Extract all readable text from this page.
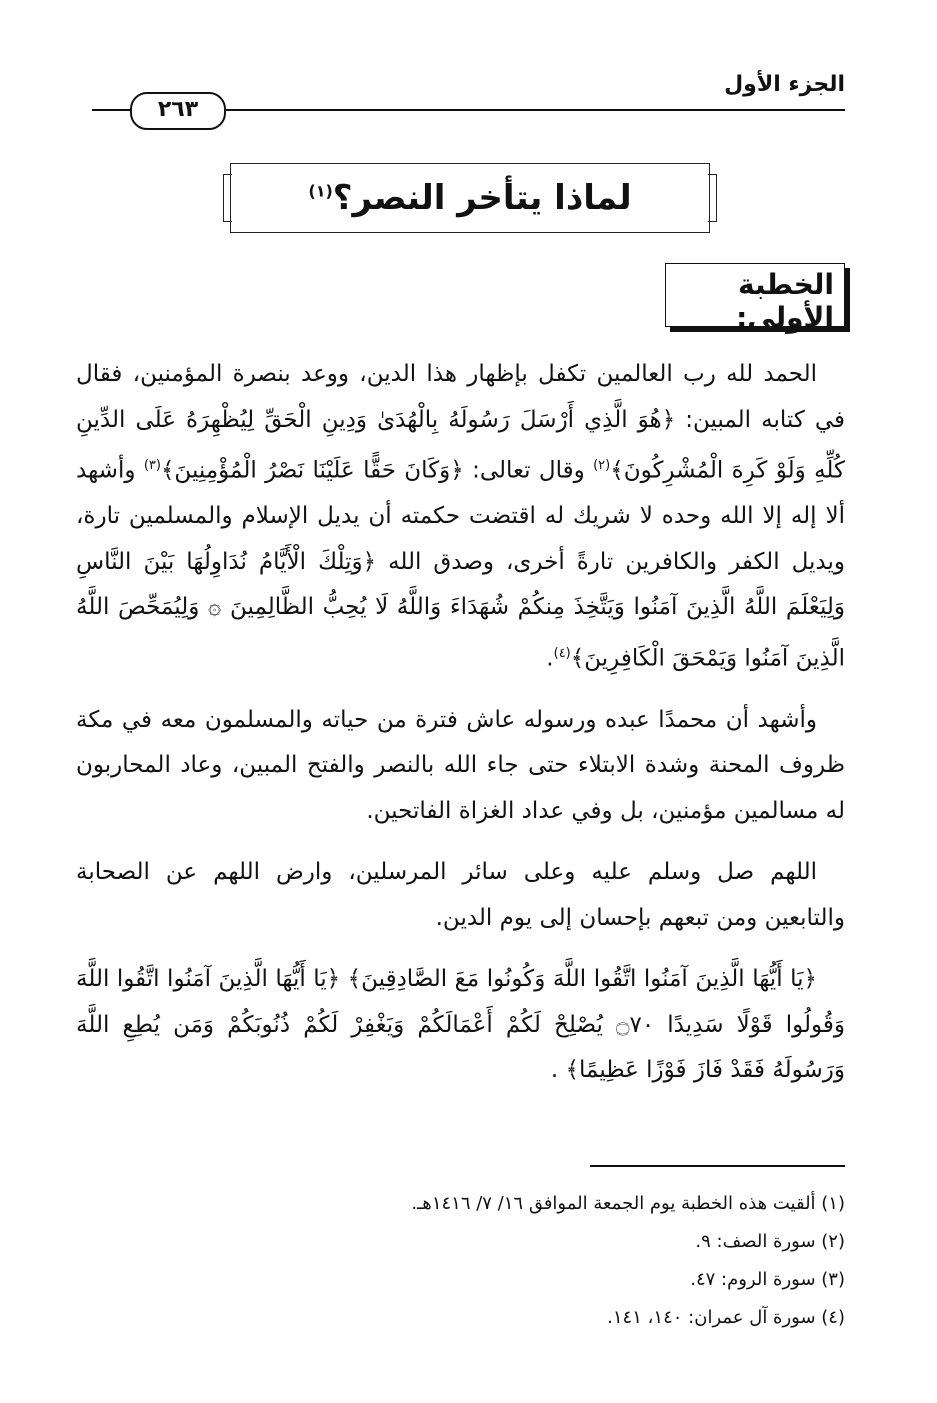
الجزء الأول
٢٦٣
لماذا يتأخر النصر؟$^{(١)}$
الخطبة الأولى:

الحمد لله رب العالمين تكفل بإظهار هذا الدين، ووعد بنصرة المؤمنين، فقال في كتابه المبين: ﴿هُوَ الَّذِي أَرْسَلَ رَسُولَهُ بِالْهُدَىٰ وَدِينِ الْحَقِّ لِيُظْهِرَهُ عَلَى الدِّينِ كُلِّهِ وَلَوْ كَرِهَ الْمُشْرِكُونَ﴾$^{(٢)}$ وقال تعالى: ﴿وَكَانَ حَقًّا عَلَيْنَا نَصْرُ الْمُؤْمِنِينَ﴾$^{(٣)}$ وأشهد ألا إله إلا الله وحده لا شريك له اقتضت حكمته أن يديل الإسلام والمسلمين تارة، ويديل الكفر والكافرين تارةً أخرى، وصدق الله ﴿وَتِلْكَ الْأَيَّامُ نُدَاوِلُهَا بَيْنَ النَّاسِ وَلِيَعْلَمَ اللَّهُ الَّذِينَ آمَنُوا وَيَتَّخِذَ مِنكُمْ شُهَدَاءَ وَاللَّهُ لَا يُحِبُّ الظَّالِمِينَ ۞ وَلِيُمَحِّصَ اللَّهُ الَّذِينَ آمَنُوا وَيَمْحَقَ الْكَافِرِينَ﴾$^{(٤)}$.

وأشهد أن محمدًا عبده ورسوله عاش فترة من حياته والمسلمون معه في مكة ظروف المحنة وشدة الابتلاء حتى جاء الله بالنصر والفتح المبين، وعاد المحاربون له مسالمين مؤمنين، بل وفي عداد الغزاة الفاتحين.

اللهم صل وسلم عليه وعلى سائر المرسلين، وارض اللهم عن الصحابة والتابعين ومن تبعهم بإحسان إلى يوم الدين.

﴿يَا أَيُّهَا الَّذِينَ آمَنُوا اتَّقُوا اللَّهَ وَكُونُوا مَعَ الصَّادِقِينَ﴾ ﴿يَا أَيُّهَا الَّذِينَ آمَنُوا اتَّقُوا اللَّهَ وَقُولُوا قَوْلًا سَدِيدًا ۝٧٠ يُصْلِحْ لَكُمْ أَعْمَالَكُمْ وَيَغْفِرْ لَكُمْ ذُنُوبَكُمْ وَمَن يُطِعِ اللَّهَ وَرَسُولَهُ فَقَدْ فَازَ فَوْزًا عَظِيمًا﴾ .

(١) ألقيت هذه الخطبة يوم الجمعة الموافق ١٦/ ٧/ ١٤١٦هـ.
(٢) سورة الصف: ٩.
(٣) سورة الروم: ٤٧.
(٤) سورة آل عمران: ١٤٠، ١٤١.
